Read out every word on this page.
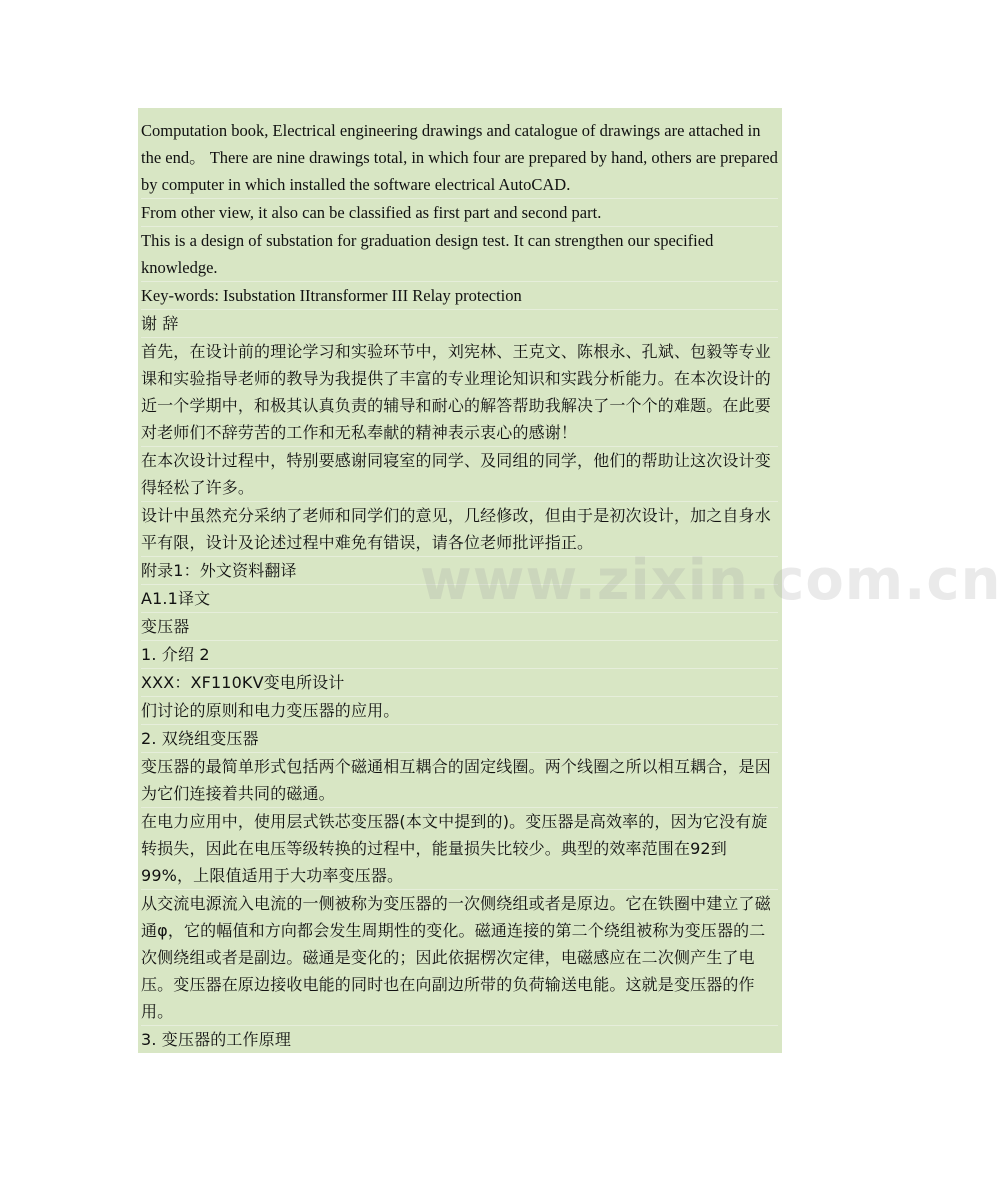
Computation book, Electrical engineering drawings and catalogue of drawings are attached in the end。 There are nine drawings total, in which four are prepared by hand, others are prepared by computer in which installed the software electrical AutoCAD.
From other view, it also can be classified as first part and second part.
This is a design of substation for graduation design test. It can strengthen our specified knowledge.
Key-words: Isubstation IItransformer III Relay protection
谢 辞
首先，在设计前的理论学习和实验环节中，刘宪林、王克文、陈根永、孔斌、包毅等专业课和实验指导老师的教导为我提供了丰富的专业理论知识和实践分析能力。在本次设计的近一个学期中，和极其认真负责的辅导和耐心的解答帮助我解决了一个个的难题。在此要对老师们不辞劳苦的工作和无私奉献的精神表示衷心的感谢！
在本次设计过程中，特别要感谢同寝室的同学、及同组的同学，他们的帮助让这次设计变得轻松了许多。
设计中虽然充分采纳了老师和同学们的意见，几经修改，但由于是初次设计，加之自身水平有限，设计及论述过程中难免有错误，请各位老师批评指正。
附录1：外文资料翻译
A1.1译文
变压器
1. 介绍 2
XXX：XF110KV变电所设计
们讨论的原则和电力变压器的应用。
2. 双绕组变压器
变压器的最简单形式包括两个磁通相互耦合的固定线圈。两个线圈之所以相互耦合，是因为它们连接着共同的磁通。
在电力应用中，使用层式铁芯变压器(本文中提到的)。变压器是高效率的，因为它没有旋转损失，因此在电压等级转换的过程中，能量损失比较少。典型的效率范围在92到99%，上限值适用于大功率变压器。
从交流电源流入电流的一侧被称为变压器的一次侧绕组或者是原边。它在铁圈中建立了磁通φ，它的幅值和方向都会发生周期性的变化。磁通连接的第二个绕组被称为变压器的二次侧绕组或者是副边。磁通是变化的；因此依据楞次定律，电磁感应在二次侧产生了电压。变压器在原边接收电能的同时也在向副边所带的负荷输送电能。这就是变压器的作用。
3. 变压器的工作原理
www.zixin.com.cn
